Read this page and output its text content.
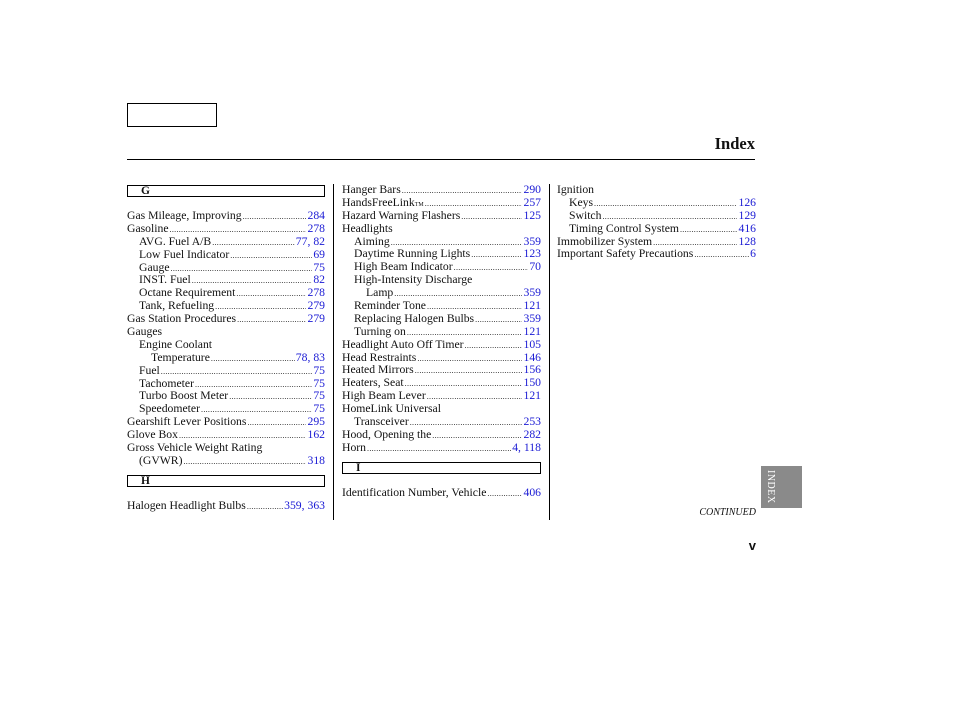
Index
G
Gas Mileage, Improving .....	284
Gasoline .....	278
AVG. Fuel A/B .....	77, 82
Low Fuel Indicator .....	69
Gauge .....	75
INST. Fuel .....	82
Octane Requirement .....	278
Tank, Refueling .....	279
Gas Station Procedures .....	279
Gauges
Engine Coolant
Temperature .....	78, 83
Fuel .....	75
Tachometer .....	75
Turbo Boost Meter .....	75
Speedometer .....	75
Gearshift Lever Positions .....	295
Glove Box .....	162
Gross Vehicle Weight Rating
(GVWR) .....	318
H
Halogen Headlight Bulbs .....	359, 363
Hanger Bars .....	290
HandsFreeLink™ .....	257
Hazard Warning Flashers .....	125
Headlights
Aiming .....	359
Daytime Running Lights .....	123
High Beam Indicator .....	70
High-Intensity Discharge
Lamp .....	359
Reminder Tone .....	121
Replacing Halogen Bulbs .....	359
Turning on .....	121
Headlight Auto Off Timer .....	105
Head Restraints .....	146
Heated Mirrors .....	156
Heaters, Seat .....	150
High Beam Lever .....	121
HomeLink Universal
Transceiver .....	253
Hood, Opening the .....	282
Horn .....	4, 118
I
Identification Number, Vehicle .....	406
Ignition
Keys .....	126
Switch .....	129
Timing Control System .....	416
Immobilizer System .....	128
Important Safety Precautions .....	6
INDEX
CONTINUED
v
